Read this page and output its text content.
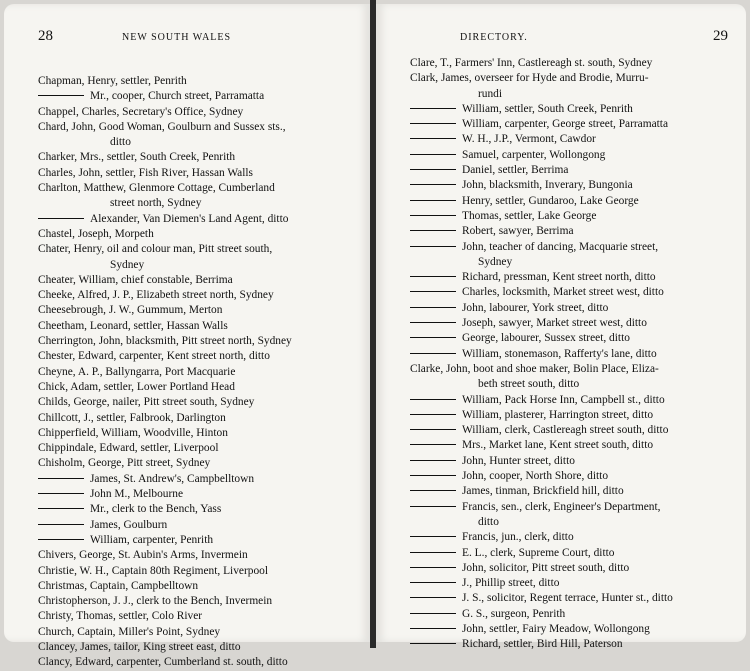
28	NEW SOUTH WALES
Chapman, Henry, settler, Penrith
Mr., cooper, Church street, Parramatta
Chappel, Charles, Secretary's Office, Sydney
Chard, John, Good Woman, Goulburn and Sussex sts.,
ditto
Charker, Mrs., settler, South Creek, Penrith
Charles, John, settler, Fish River, Hassan Walls
Charlton, Matthew, Glenmore Cottage, Cumberland
street north, Sydney
Alexander, Van Diemen's Land Agent, ditto
Chastel, Joseph, Morpeth
Chater, Henry, oil and colour man, Pitt street south,
Sydney
Cheater, William, chief constable, Berrima
Cheeke, Alfred, J. P., Elizabeth street north, Sydney
Cheesebrough, J. W., Gummum, Merton
Cheetham, Leonard, settler, Hassan Walls
Cherrington, John, blacksmith, Pitt street north, Sydney
Chester, Edward, carpenter, Kent street north, ditto
Cheyne, A. P., Ballyngarra, Port Macquarie
Chick, Adam, settler, Lower Portland Head
Childs, George, nailer, Pitt street south, Sydney
Chillcott, J., settler, Falbrook, Darlington
Chipperfield, William, Woodville, Hinton
Chippindale, Edward, settler, Liverpool
Chisholm, George, Pitt street, Sydney
James, St. Andrew's, Campbelltown
John M., Melbourne
Mr., clerk to the Bench, Yass
James, Goulburn
William, carpenter, Penrith
Chivers, George, St. Aubin's Arms, Invermein
Christie, W. H., Captain 80th Regiment, Liverpool
Christmas, Captain, Campbelltown
Christopherson, J. J., clerk to the Bench, Invermein
Christy, Thomas, settler, Colo River
Church, Captain, Miller's Point, Sydney
Clancey, James, tailor, King street east, ditto
Clancy, Edward, carpenter, Cumberland st. south, ditto
DIRECTORY.	29
Clare, T., Farmers' Inn, Castlereagh st. south, Sydney
Clark, James, overseer for Hyde and Brodie, Murru-
rundi
William, settler, South Creek, Penrith
William, carpenter, George street, Parramatta
W. H., J.P., Vermont, Cawdor
Samuel, carpenter, Wollongong
Daniel, settler, Berrima
John, blacksmith, Inverary, Bungonia
Henry, settler, Gundaroo, Lake George
Thomas, settler, Lake George
Robert, sawyer, Berrima
John, teacher of dancing, Macquarie street,
Sydney
Richard, pressman, Kent street north, ditto
Charles, locksmith, Market street west, ditto
John, labourer, York street, ditto
Joseph, sawyer, Market street west, ditto
George, labourer, Sussex street, ditto
William, stonemason, Rafferty's lane, ditto
Clarke, John, boot and shoe maker, Bolin Place, Eliza-
beth street south, ditto
William, Pack Horse Inn, Campbell st., ditto
William, plasterer, Harrington street, ditto
William, clerk, Castlereagh street south, ditto
Mrs., Market lane, Kent street south, ditto
John, Hunter street, ditto
John, cooper, North Shore, ditto
James, tinman, Brickfield hill, ditto
Francis, sen., clerk, Engineer's Department,
ditto
Francis, jun., clerk, ditto
E. L., clerk, Supreme Court, ditto
John, solicitor, Pitt street south, ditto
J., Phillip street, ditto
J. S., solicitor, Regent terrace, Hunter st., ditto
G. S., surgeon, Penrith
John, settler, Fairy Meadow, Wollongong
Richard, settler, Bird Hill, Paterson
